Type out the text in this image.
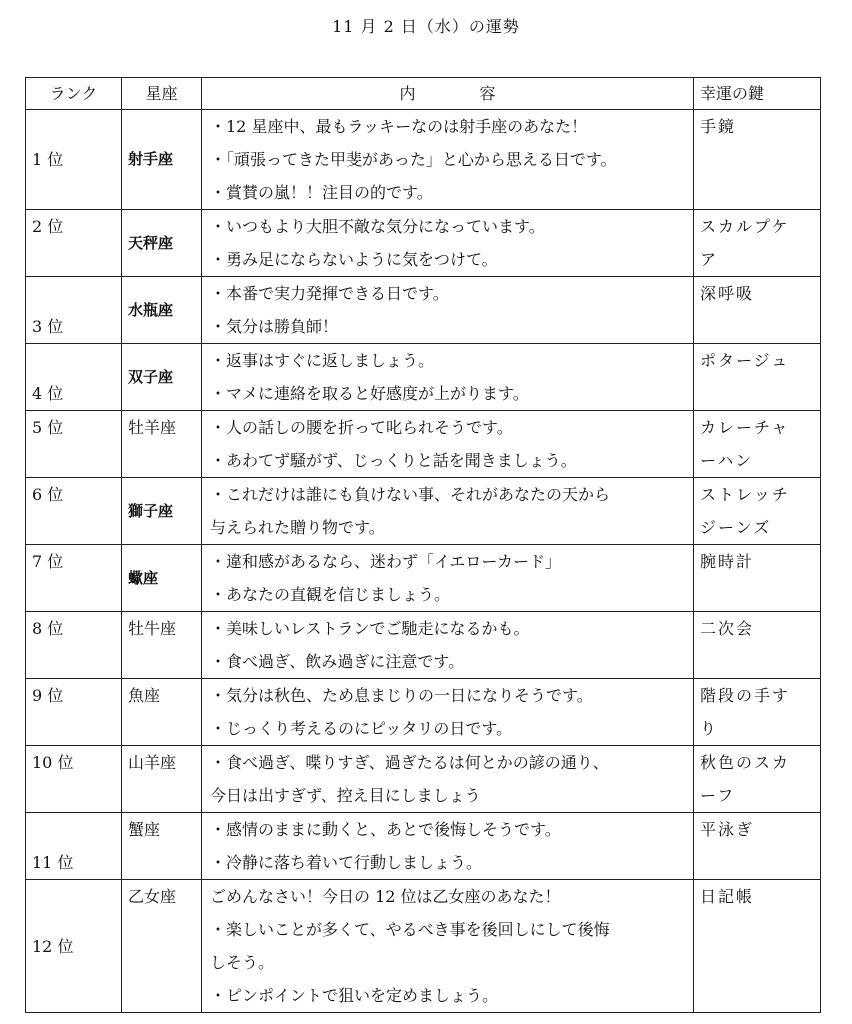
11 月 2 日（水）の運勢
ランク	星座	内　　　　容	幸運の鍵
1 位	射手座	・12 星座中、最もラッキーなのは射手座のあなた！
・「頑張ってきた甲斐があった」と心から思える日です。
・賞賛の嵐！！注目の的です。	手鏡

2 位	天秤座	・いつもより大胆不敵な気分になっています。
・勇み足にならないように気をつけて。	スカルプケ
ア

3 位	水瓶座	・本番で実力発揮できる日です。
・気分は勝負師！	深呼吸

4 位	双子座	・返事はすぐに返しましょう。
・マメに連絡を取ると好感度が上がります。	ポタージュ

5 位	牡羊座	・人の話しの腰を折って叱られそうです。
・あわてず騒がず、じっくりと話を聞きましょう。	カレーチャ
ーハン

6 位	獅子座	・これだけは誰にも負けない事、それがあなたの天から
与えられた贈り物です。	ストレッチ
ジーンズ

7 位	蠍座	・違和感があるなら、迷わず「イエローカード」
・あなたの直観を信じましょう。	腕時計

8 位	牡牛座	・美味しいレストランでご馳走になるかも。
・食べ過ぎ、飲み過ぎに注意です。	二次会

9 位	魚座	・気分は秋色、ため息まじりの一日になりそうです。
・じっくり考えるのにピッタリの日です。	階段の手す
り

10 位	山羊座	・食べ過ぎ、喋りすぎ、過ぎたるは何とかの諺の通り、
今日は出すぎず、控え目にしましょう	秋色のスカ
ーフ

11 位	蟹座	・感情のままに動くと、あとで後悔しそうです。
・冷静に落ち着いて行動しましょう。	平泳ぎ

12 位	乙女座	ごめんなさい！今日の 12 位は乙女座のあなた！
・楽しいことが多くて、やるべき事を後回しにして後悔
しそう。
・ピンポイントで狙いを定めましょう。	日記帳
